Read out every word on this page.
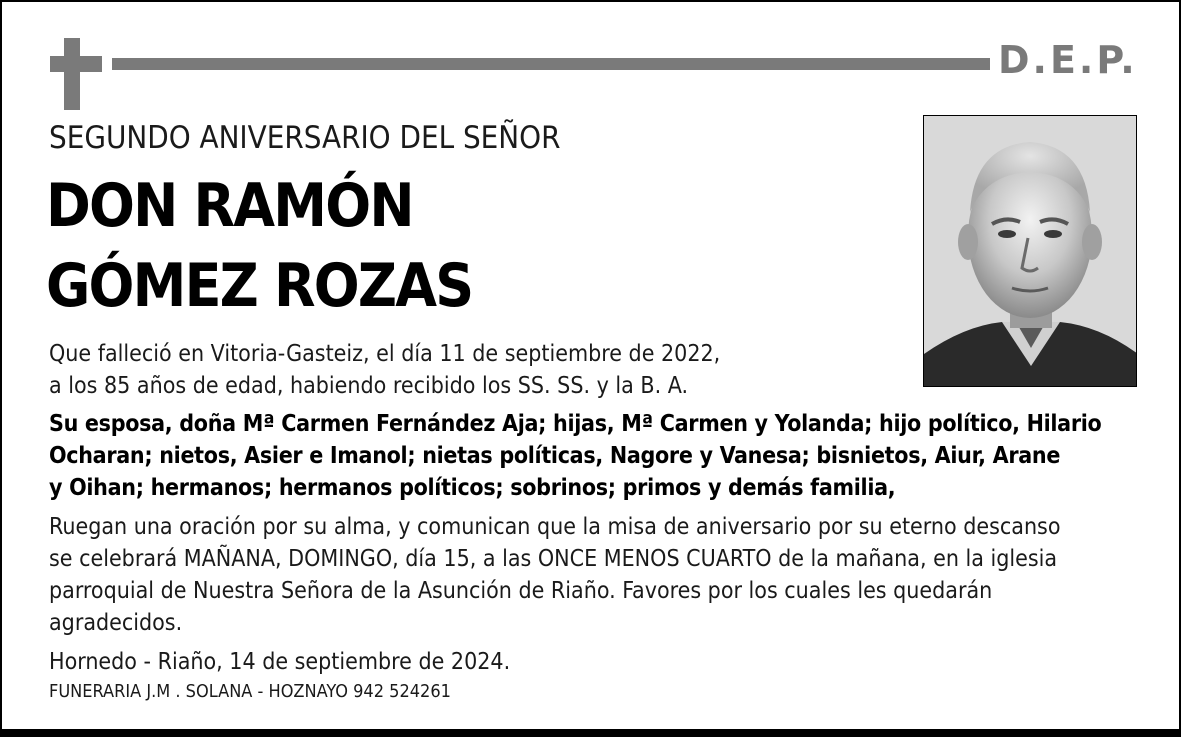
D.E.P.
SEGUNDO ANIVERSARIO DEL SEÑOR
DON RAMÓN
GÓMEZ ROZAS
Que falleció en Vitoria-Gasteiz, el día 11 de septiembre de 2022,
a los 85 años de edad, habiendo recibido los SS. SS. y la B. A.
Su esposa, doña Mª Carmen Fernández Aja; hijas, Mª Carmen y Yolanda; hijo político, Hilario
Ocharan; nietos, Asier e Imanol; nietas políticas, Nagore y Vanesa; bisnietos, Aiur, Arane
y Oihan; hermanos; hermanos políticos; sobrinos; primos y demás familia,
Ruegan una oración por su alma, y comunican que la misa de aniversario por su eterno descanso
se celebrará MAÑANA, DOMINGO, día 15, a las ONCE MENOS CUARTO de la mañana, en la iglesia
parroquial de Nuestra Señora de la Asunción de Riaño. Favores por los cuales les quedarán
agradecidos.
Hornedo - Riaño, 14 de septiembre de 2024.
FUNERARIA J.M . SOLANA - HOZNAYO 942 524261
